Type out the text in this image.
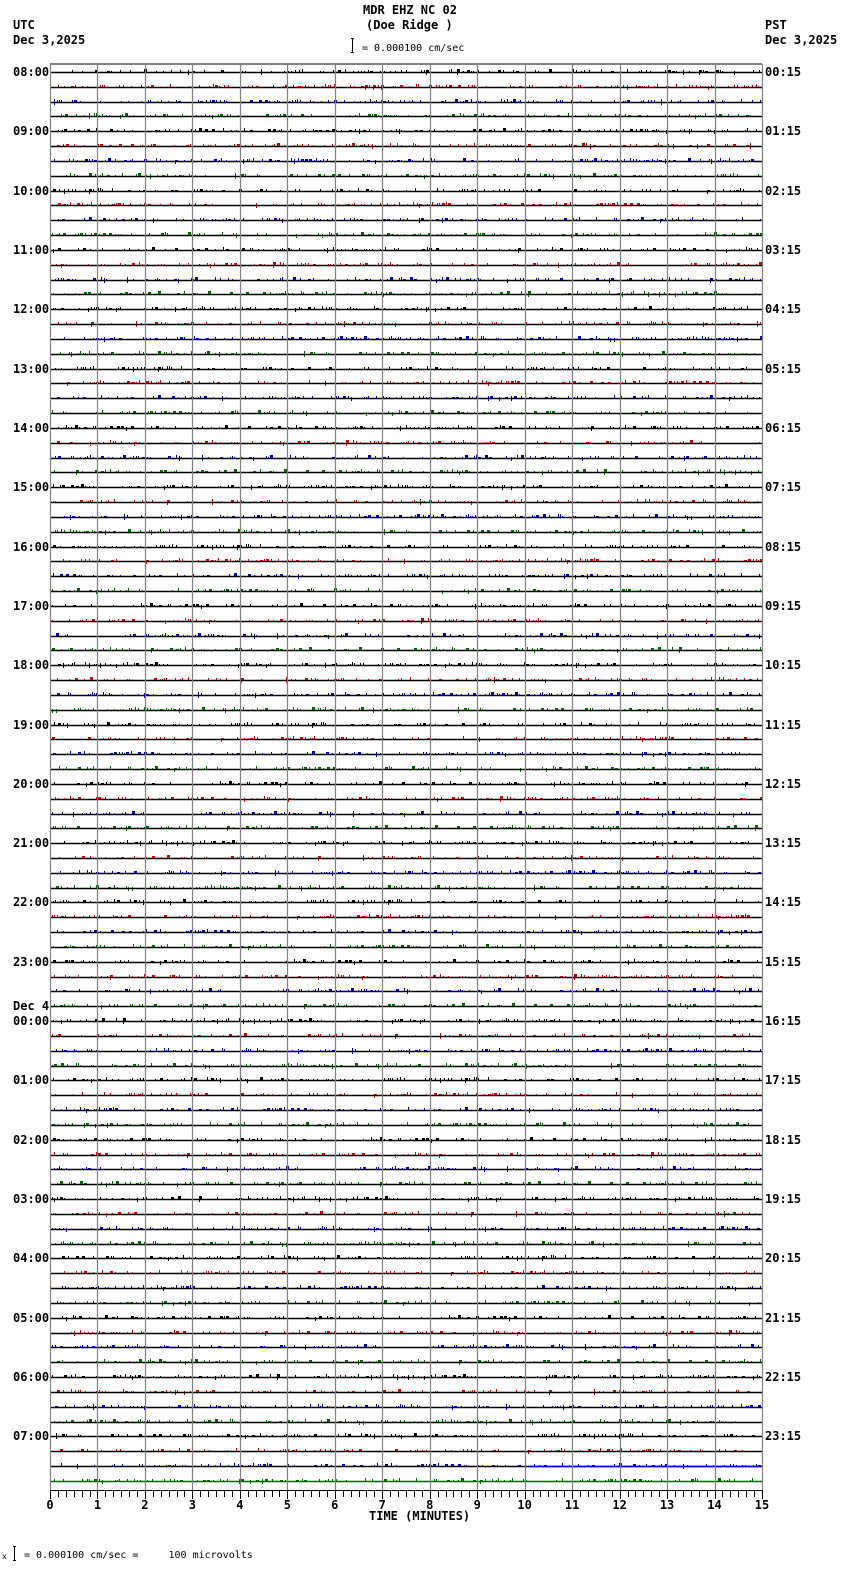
MDR EHZ NC 02
(Doe Ridge )
UTC
Dec 3,2025
PST
Dec 3,2025
= 0.000100 cm/sec
08:00
09:00
10:00
11:00
12:00
13:00
14:00
15:00
16:00
17:00
18:00
19:00
20:00
21:00
22:00
23:00
Dec 4
00:00
01:00
02:00
03:00
04:00
05:00
06:00
07:00
00:15
01:15
02:15
03:15
04:15
05:15
06:15
07:15
08:15
09:15
10:15
11:15
12:15
13:15
14:15
15:15
16:15
17:15
18:15
19:15
20:15
21:15
22:15
23:15
0	1	2	3	4	5	6	7	8	9	10	11	12	13	14	15
TIME (MINUTES)
x = 0.000100 cm/sec =     100 microvolts
